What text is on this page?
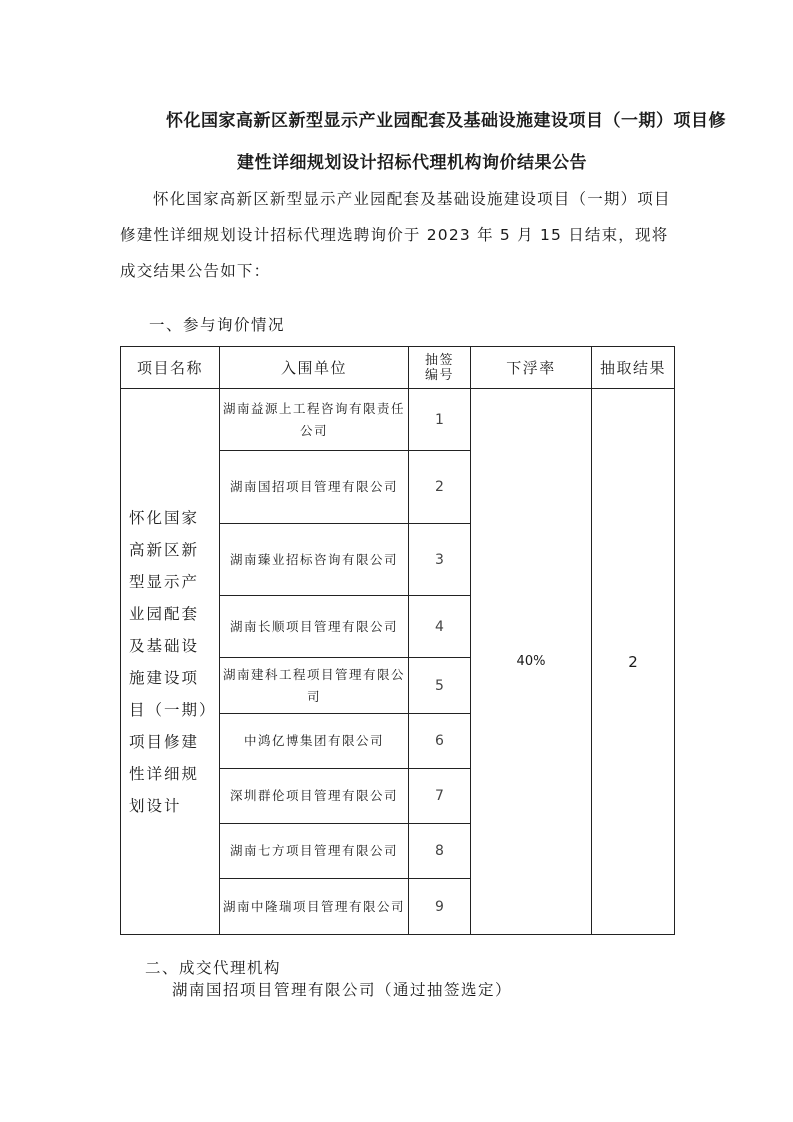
怀化国家高新区新型显示产业园配套及基础设施建设项目（一期）项目修
建性详细规划设计招标代理机构询价结果公告

怀化国家高新区新型显示产业园配套及基础设施建设项目（一期）项目修建性详细规划设计招标代理选聘询价于 2023 年 5 月 15 日结束，现将成交结果公告如下：

一、参与询价情况
项目名称	入围单位	抽签编号	下浮率	抽取结果

怀化国家高新区新型显示产业园配套及基础设施建设项目（一期）项目修建性详细规划设计	湖南益源上工程咨询有限责任公司	1	40%	2
	湖南国招项目管理有限公司	2		
	湖南臻业招标咨询有限公司	3		
	湖南长顺项目管理有限公司	4		
	湖南建科工程项目管理有限公司	5		
	中鸿亿博集团有限公司	6		
	深圳群伦项目管理有限公司	7		
	湖南七方项目管理有限公司	8		
	湖南中隆瑞项目管理有限公司	9		
二、成交代理机构
湖南国招项目管理有限公司（通过抽签选定）
